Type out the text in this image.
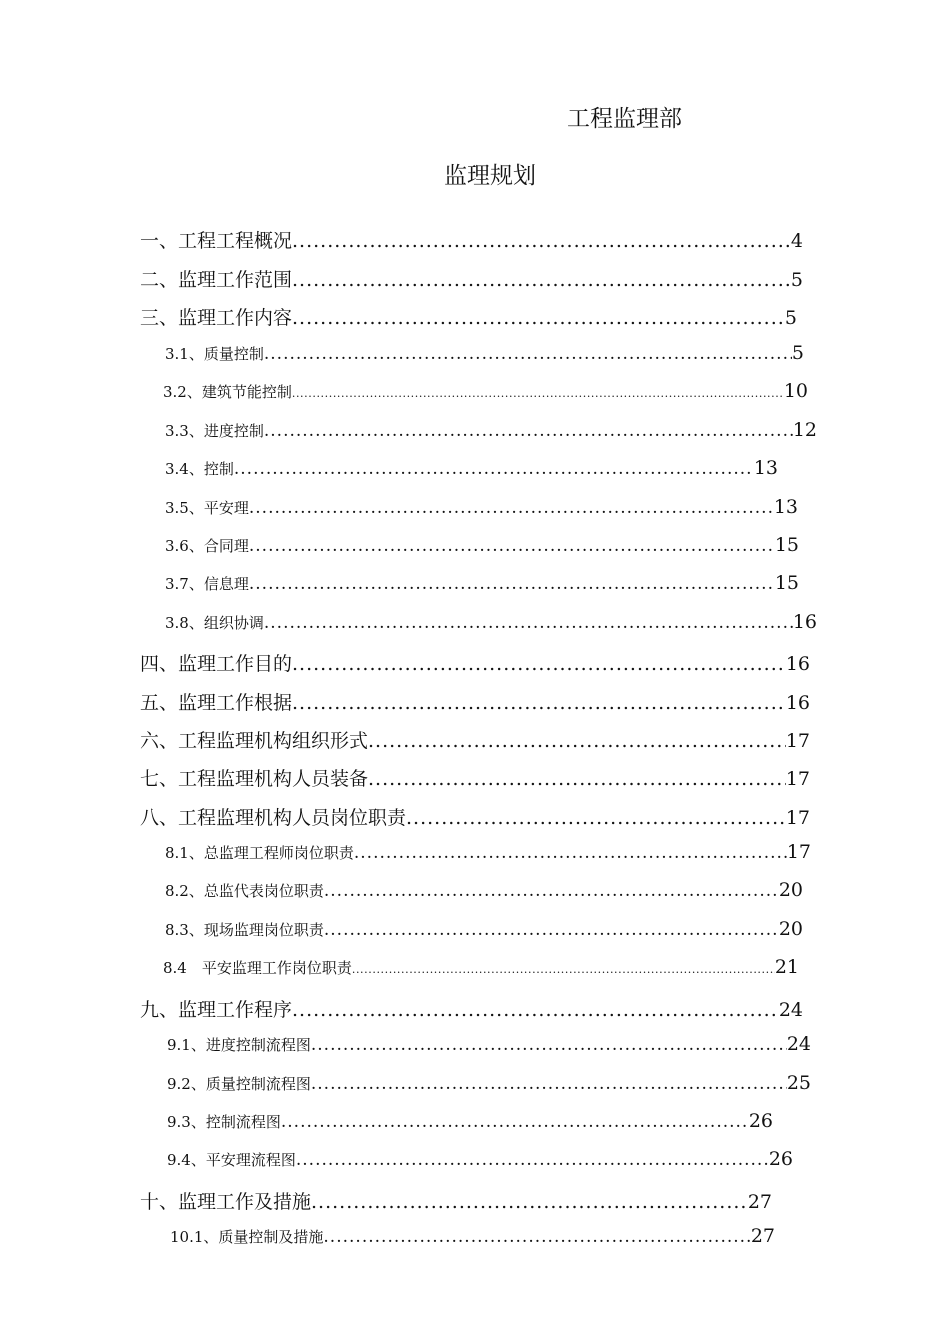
工程监理部
监理规划
一、工程工程概况 .....	4
二、监理工作范围 .....	5
三、监理工作内容 .....	5
3.1、质量控制 .....	5
3.2、建筑节能控制 .....	10
3.3、进度控制 .....	12
3.4、控制 .....	13
3.5、平安理 .....	13
3.6、合同理 .....	15
3.7、信息理 .....	15
3.8、组织协调 .....	16
四、监理工作目的 .....	16
五、监理工作根据 .....	16
六、工程监理机构组织形式 .....	17
七、工程监理机构人员装备 .....	17
八、工程监理机构人员岗位职责 .....	17
8.1、总监理工程师岗位职责 .....	17
8.2、总监代表岗位职责 .....	20
8.3、现场监理岗位职责 .....	20
8.4　平安监理工作岗位职责 .....	21
九、监理工作程序 .....	24
9.1、进度控制流程图 .....	24
9.2、质量控制流程图 .....	25
9.3、控制流程图 .....	26
9.4、平安理流程图 .....	26
十、监理工作及措施 .....	27
10.1、质量控制及措施 .....	27
